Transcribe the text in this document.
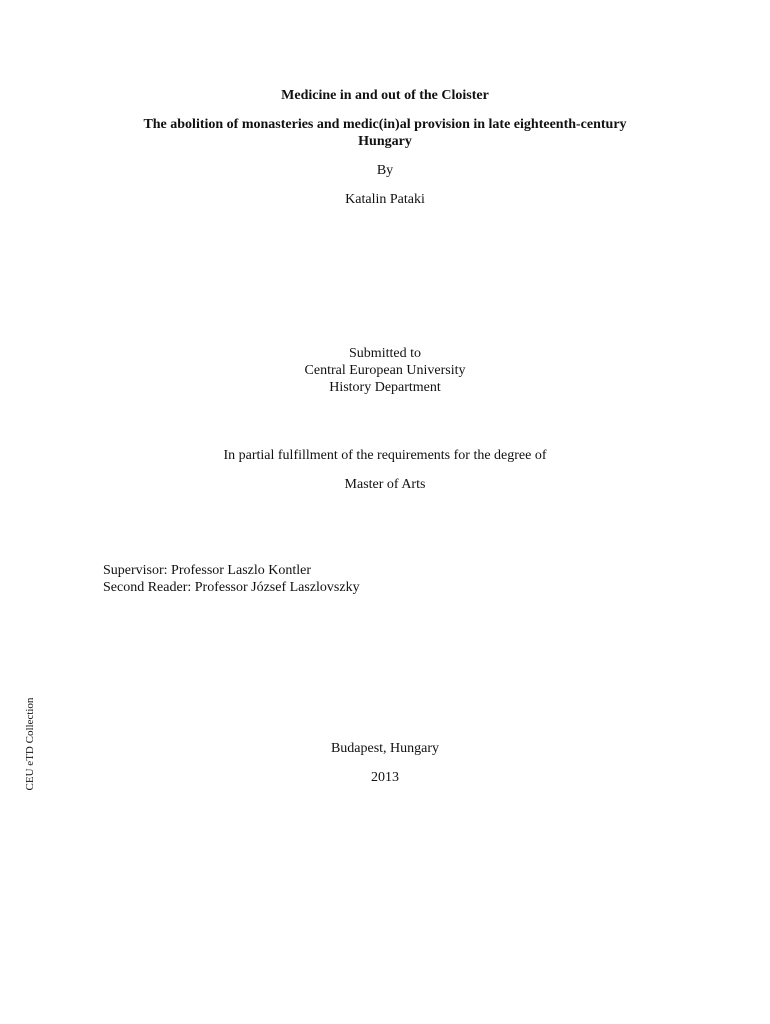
Medicine in and out of the Cloister
The abolition of monasteries and medic(in)al provision in late eighteenth-century
Hungary
By
Katalin Pataki
Submitted to
Central European University
History Department
In partial fulfillment of the requirements for the degree of
Master of Arts
Supervisor: Professor Laszlo Kontler
Second Reader: Professor József Laszlovszky
Budapest, Hungary
2013
CEU eTD Collection
